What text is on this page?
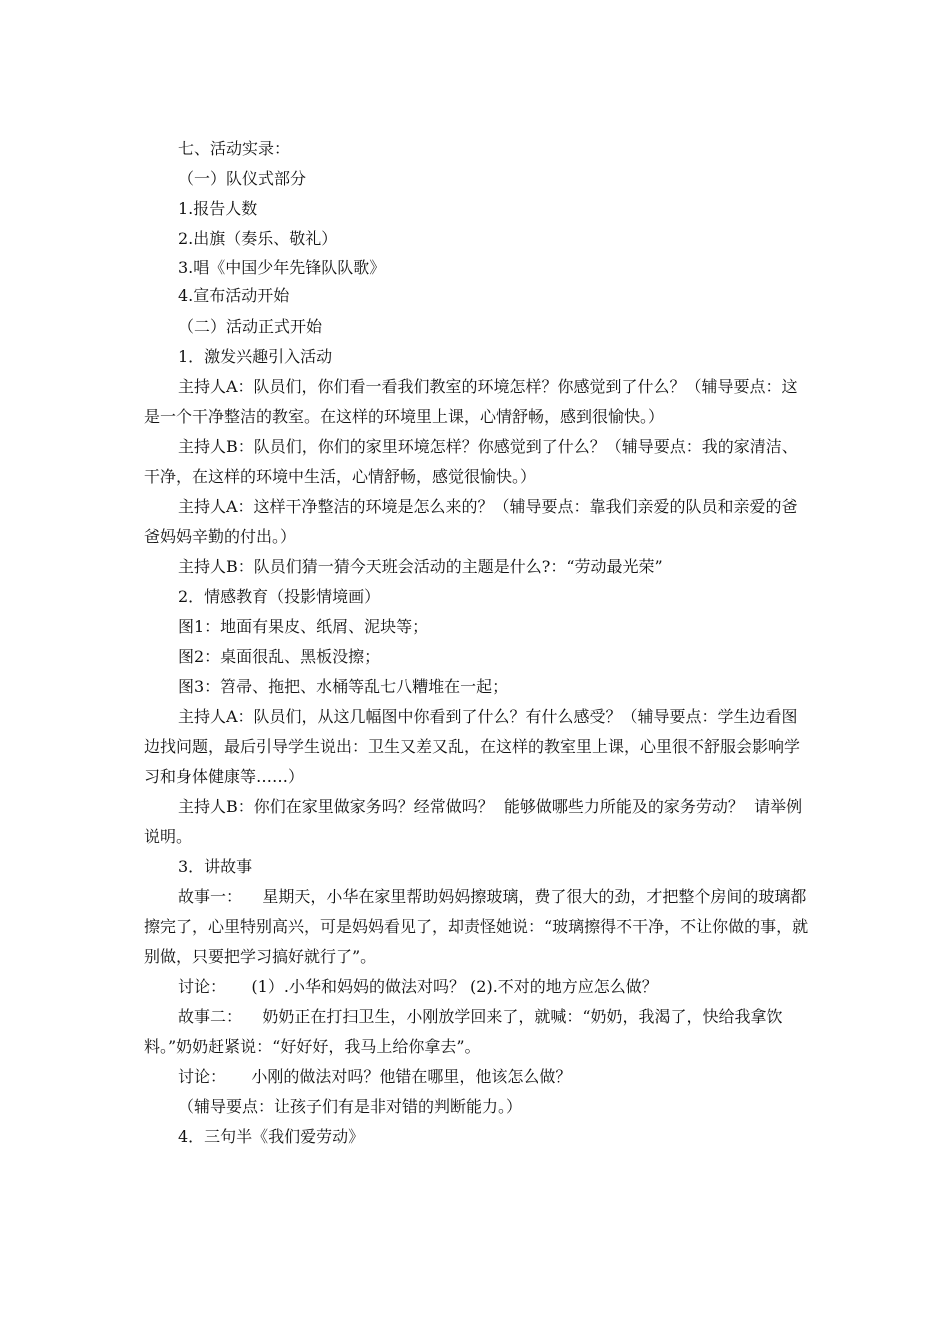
七、活动实录：

（一）队仪式部分

1.报告人数

2.出旗（奏乐、敬礼）

3.唱《中国少年先锋队队歌》

4.宣布活动开始

（二）活动正式开始

1．激发兴趣引入活动

主持人A：队员们，你们看一看我们教室的环境怎样？你感觉到了什么？（辅导要点：这是一个干净整洁的教室。在这样的环境里上课，心情舒畅，感到很愉快。）

主持人B：队员们，你们的家里环境怎样？你感觉到了什么？（辅导要点：我的家清洁、干净，在这样的环境中生活，心情舒畅，感觉很愉快。）

主持人A：这样干净整洁的环境是怎么来的？（辅导要点：靠我们亲爱的队员和亲爱的爸爸妈妈辛勤的付出。）

主持人B：队员们猜一猜今天班会活动的主题是什么?：“劳动最光荣”

2．情感教育（投影情境画）

图1：地面有果皮、纸屑、泥块等；

图2：桌面很乱、黑板没擦；

图3：笤帚、拖把、水桶等乱七八糟堆在一起；

主持人A：队员们，从这几幅图中你看到了什么？有什么感受？（辅导要点：学生边看图边找问题，最后引导学生说出：卫生又差又乱，在这样的教室里上课，心里很不舒服会影响学习和身体健康等……）

主持人B：你们在家里做家务吗？经常做吗？  能够做哪些力所能及的家务劳动？  请举例说明。

3．讲故事

故事一：    星期天，小华在家里帮助妈妈擦玻璃，费了很大的劲，才把整个房间的玻璃都擦完了，心里特别高兴，可是妈妈看见了，却责怪她说：“玻璃擦得不干净，不让你做的事，就别做，只要把学习搞好就行了”。

讨论：     (1）.小华和妈妈的做法对吗？ (2).不对的地方应怎么做？

故事二：    奶奶正在打扫卫生，小刚放学回来了，就喊：“奶奶，我渴了，快给我拿饮料。”奶奶赶紧说：“好好好，我马上给你拿去”。

讨论：     小刚的做法对吗？他错在哪里，他该怎么做？

（辅导要点：让孩子们有是非对错的判断能力。）

4．三句半《我们爱劳动》
